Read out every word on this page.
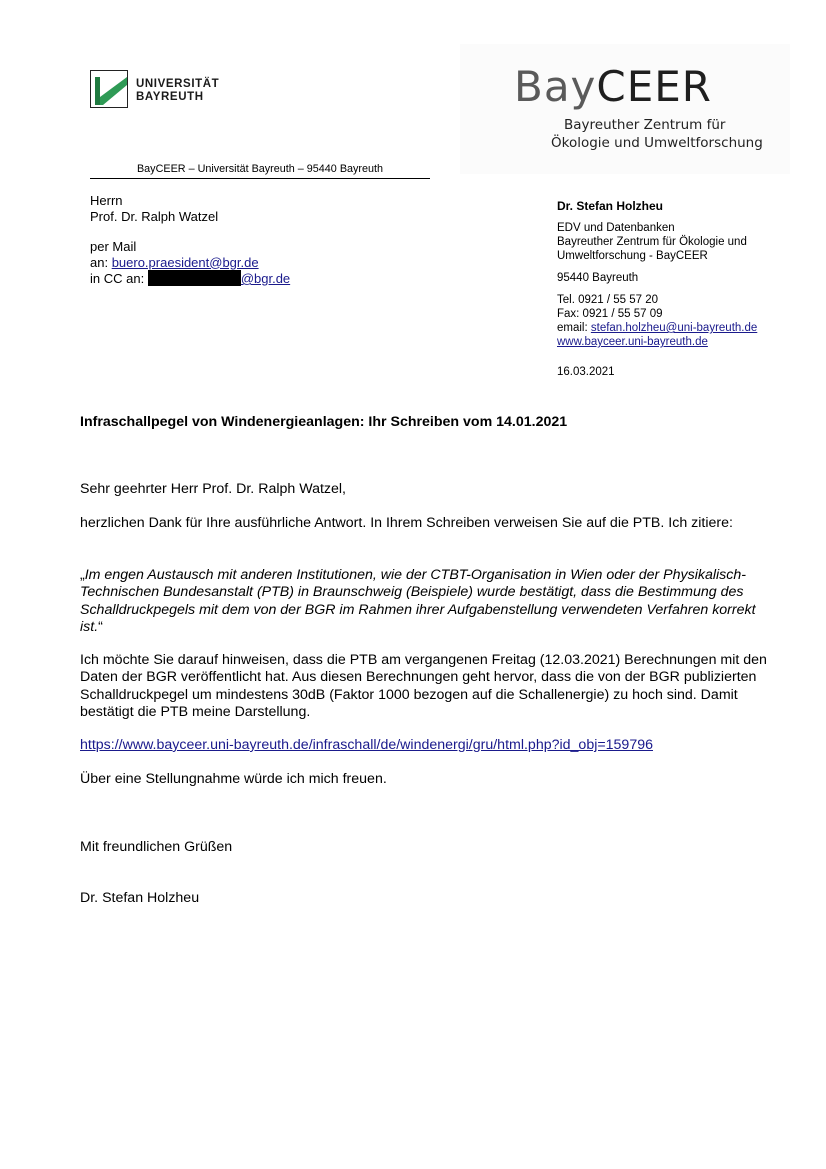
UNIVERSITÄT
BAYREUTH	BayCEER
Bayreuther Zentrum für
Ökologie und Umweltforschung
BayCEER – Universität Bayreuth – 95440 Bayreuth
Herrn
Prof. Dr. Ralph Watzel
per Mail
an: buero.praesident@bgr.de
in CC an:	@bgr.de
Dr. Stefan Holzheu
EDV und Datenbanken
Bayreuther Zentrum für Ökologie und
Umweltforschung - BayCEER
95440 Bayreuth
Tel. 0921 / 55 57 20
Fax: 0921 / 55 57 09
email: stefan.holzheu@uni-bayreuth.de
www.bayceer.uni-bayreuth.de
16.03.2021
Infraschallpegel von Windenergieanlagen: Ihr Schreiben vom 14.01.2021
Sehr geehrter Herr Prof. Dr. Ralph Watzel,
herzlichen Dank für Ihre ausführliche Antwort. In Ihrem Schreiben verweisen Sie auf die PTB. Ich zitiere:
„Im engen Austausch mit anderen Institutionen, wie der CTBT-Organisation in Wien oder der Physikalisch-Technischen Bundesanstalt (PTB) in Braunschweig (Beispiele) wurde bestätigt, dass die Bestimmung des Schalldruckpegels mit dem von der BGR im Rahmen ihrer Aufgabenstellung verwendeten Verfahren korrekt ist.“
Ich möchte Sie darauf hinweisen, dass die PTB am vergangenen Freitag (12.03.2021) Berechnungen mit den Daten der BGR veröffentlicht hat. Aus diesen Berechnungen geht hervor, dass die von der BGR publizierten Schalldruckpegel um mindestens 30dB (Faktor 1000 bezogen auf die Schallenergie) zu hoch sind. Damit bestätigt die PTB meine Darstellung.
https://www.bayceer.uni-bayreuth.de/infraschall/de/windenergi/gru/html.php?id_obj=159796
Über eine Stellungnahme würde ich mich freuen.
Mit freundlichen Grüßen
Dr. Stefan Holzheu
